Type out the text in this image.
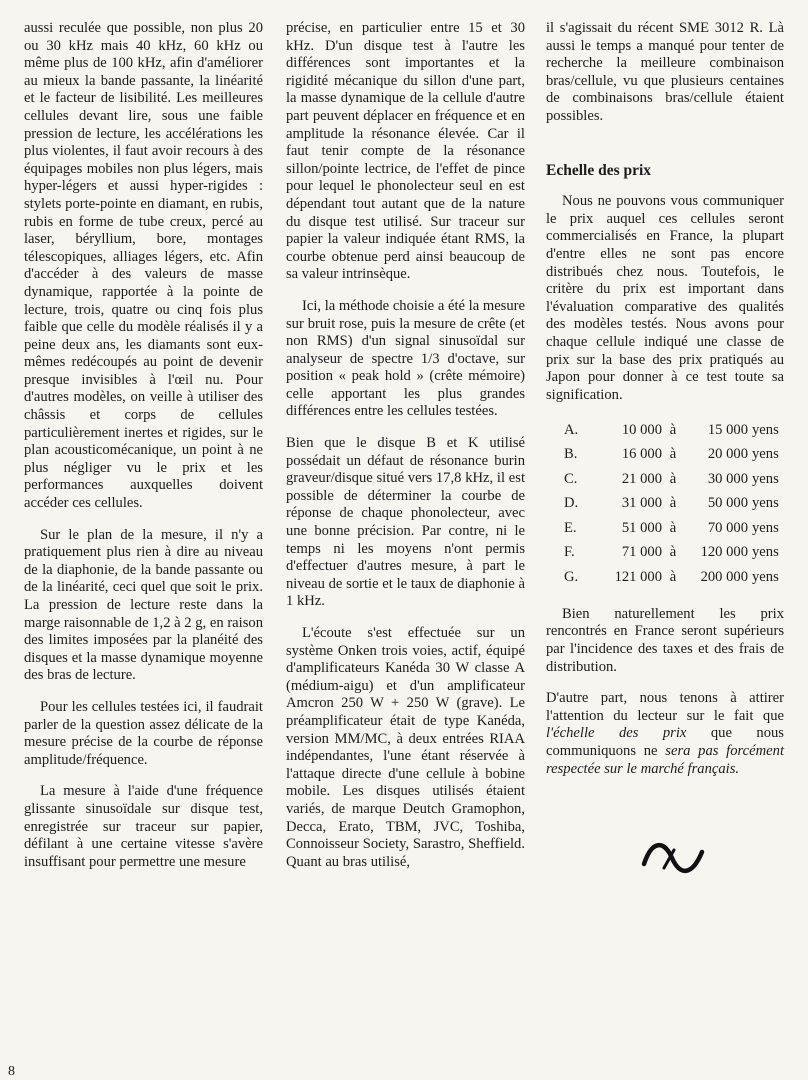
aussi reculée que possible, non plus 20 ou 30 kHz mais 40 kHz, 60 kHz ou même plus de 100 kHz, afin d'améliorer au mieux la bande passante, la linéarité et le facteur de lisibilité. Les meilleures cellules devant lire, sous une faible pression de lecture, les accélérations les plus violentes, il faut avoir recours à des équipages mobiles non plus légers, mais hyper-légers et aussi hyper-rigides : stylets porte-pointe en diamant, en rubis, rubis en forme de tube creux, percé au laser, béryllium, bore, montages télescopiques, alliages légers, etc. Afin d'accéder à des valeurs de masse dynamique, rapportée à la pointe de lecture, trois, quatre ou cinq fois plus faible que celle du modèle réalisés il y a peine deux ans, les diamants sont eux-mêmes redécoupés au point de devenir presque invisibles à l'œil nu. Pour d'autres modèles, on veille à utiliser des châssis et corps de cellules particulièrement inertes et rigides, sur le plan acousticomécanique, un point à ne plus négliger vu le prix et les performances auxquelles doivent accéder ces cellules.

Sur le plan de la mesure, il n'y a pratiquement plus rien à dire au niveau de la diaphonie, de la bande passante ou de la linéarité, ceci quel que soit le prix. La pression de lecture reste dans la marge raisonnable de 1,2 à 2 g, en raison des limites imposées par la planéité des disques et la masse dynamique moyenne des bras de lecture.

Pour les cellules testées ici, il faudrait parler de la question assez délicate de la mesure précise de la courbe de réponse amplitude/fréquence.

La mesure à l'aide d'une fréquence glissante sinusoïdale sur disque test, enregistrée sur traceur sur papier, défilant à une certaine vitesse s'avère insuffisant pour permettre une mesure

précise, en particulier entre 15 et 30 kHz. D'un disque test à l'autre les différences sont importantes et la rigidité mécanique du sillon d'une part, la masse dynamique de la cellule d'autre part peuvent déplacer en fréquence et en amplitude la résonance élevée. Car il faut tenir compte de la résonance sillon/pointe lectrice, de l'effet de pince pour lequel le phonolecteur seul en est dépendant tout autant que de la nature du disque test utilisé. Sur traceur sur papier la valeur indiquée étant RMS, la courbe obtenue perd ainsi beaucoup de sa valeur intrinsèque.

Ici, la méthode choisie a été la mesure sur bruit rose, puis la mesure de crête (et non RMS) d'un signal sinusoïdal sur analyseur de spectre 1/3 d'octave, sur position « peak hold » (crête mémoire) celle apportant les plus grandes différences entre les cellules testées.

Bien que le disque B et K utilisé possédait un défaut de résonance burin graveur/disque situé vers 17,8 kHz, il est possible de déterminer la courbe de réponse de chaque phonolecteur, avec une bonne précision. Par contre, ni le temps ni les moyens n'ont permis d'effectuer d'autres mesure, à part le niveau de sortie et le taux de diaphonie à 1 kHz.

L'écoute s'est effectuée sur un système Onken trois voies, actif, équipé d'amplificateurs Kanéda 30 W classe A (médium-aigu) et d'un amplificateur Amcron 250 W + 250 W (grave). Le préamplificateur était de type Kanéda, version MM/MC, à deux entrées RIAA indépendantes, l'une étant réservée à l'attaque directe d'une cellule à bobine mobile. Les disques utilisés étaient variés, de marque Deutch Gramophon, Decca, Erato, TBM, JVC, Toshiba, Connoisseur Society, Sarastro, Sheffield. Quant au bras utilisé,

il s'agissait du récent SME 3012 R. Là aussi le temps a manqué pour tenter de recherche la meilleure combinaison bras/cellule, vu que plusieurs centaines de combinaisons bras/cellule étaient possibles.

Echelle des prix

Nous ne pouvons vous communiquer le prix auquel ces cellules seront commercialisés en France, la plupart d'entre elles ne sont pas encore distribués chez nous. Toutefois, le critère du prix est important dans l'évaluation comparative des qualités des modèles testés. Nous avons pour chaque cellule indiqué une classe de prix sur la base des prix pratiqués au Japon pour donner à ce test toute sa signification.

A.	10 000 à	15 000 yens
B.	16 000 à	20 000 yens
C.	21 000 à	30 000 yens
D.	31 000 à	50 000 yens
E.	51 000 à	70 000 yens
F.	71 000 à	120 000 yens
G.	121 000 à	200 000 yens

Bien naturellement les prix rencontrés en France seront supérieurs par l'incidence des taxes et des frais de distribution.

D'autre part, nous tenons à attirer l'attention du lecteur sur le fait que l'échelle des prix que nous communiquons ne sera pas forcément respectée sur le marché français.

8
